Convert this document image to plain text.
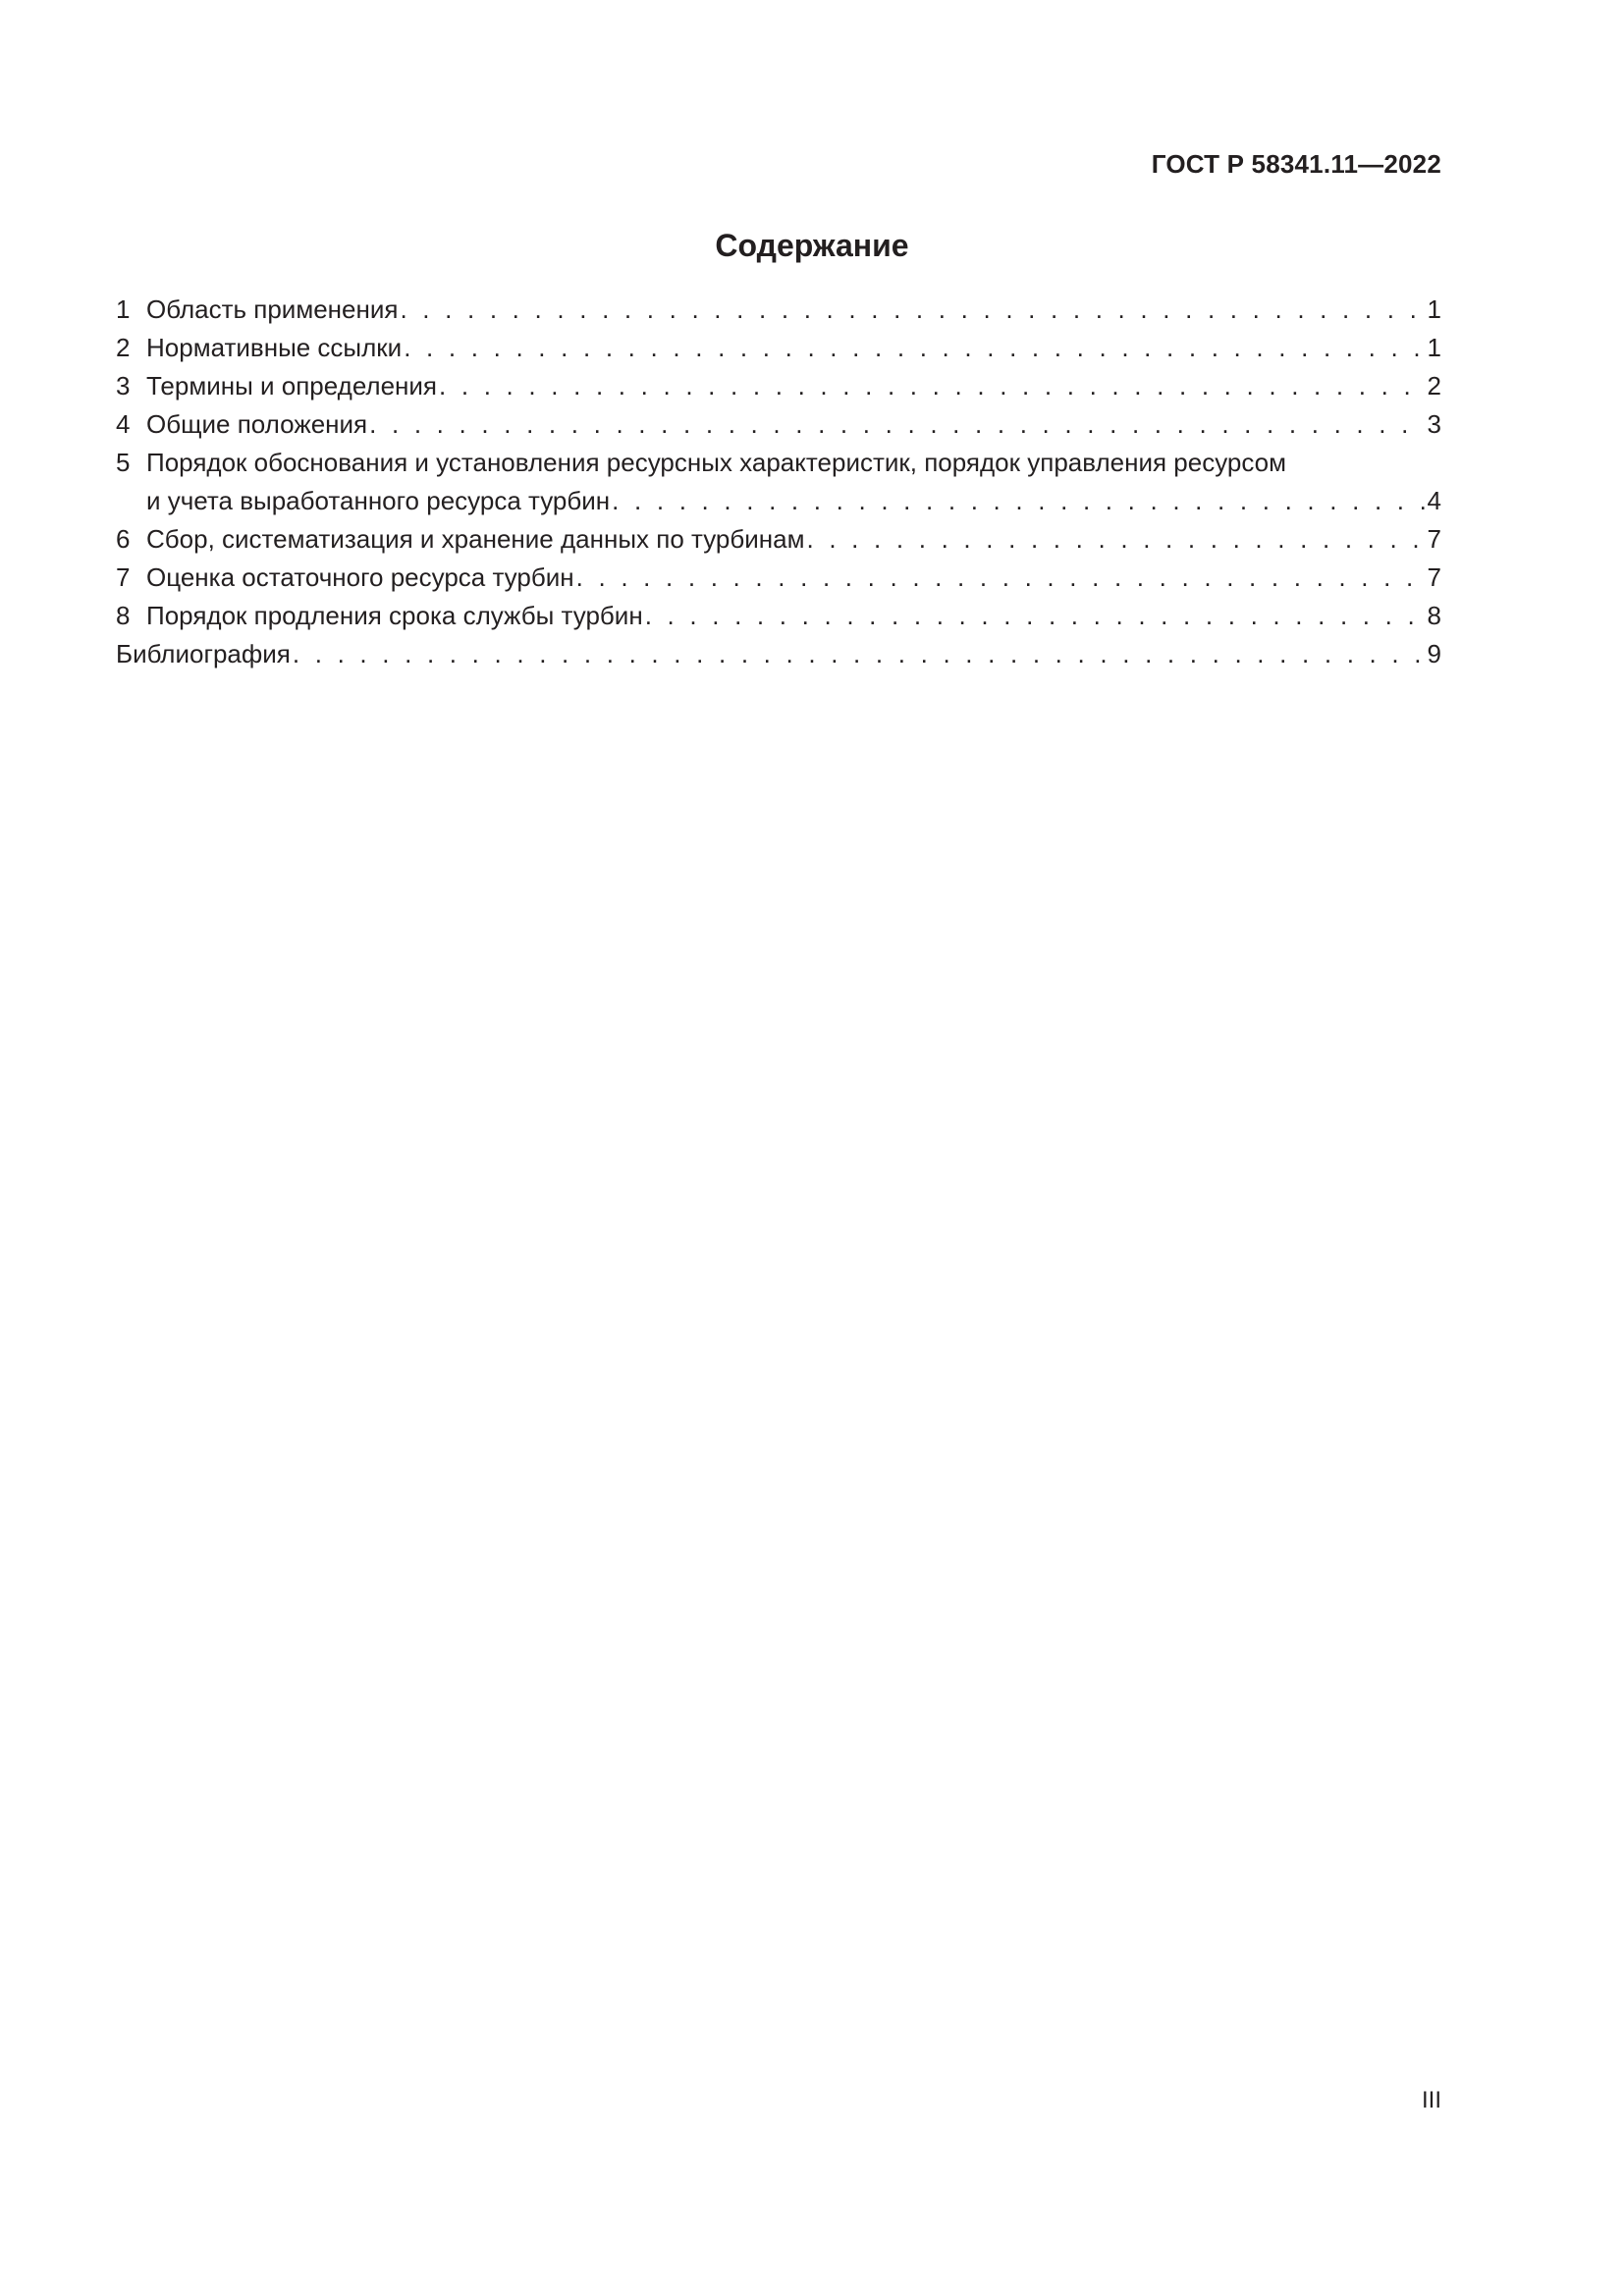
ГОСТ Р 58341.11—2022
Содержание
1 Область применения . . .	1
2 Нормативные ссылки . . .	1
3 Термины и определения . . .	2
4 Общие положения . . .	3
5 Порядок обоснования и установления ресурсных характеристик, порядок управления ресурсом
и учета выработанного ресурса турбин . . .	4
6 Сбор, систематизация и хранение данных по турбинам . . .	7
7 Оценка остаточного ресурса турбин . . .	7
8 Порядок продления срока службы турбин . . .	8
Библиография . . .	9
III
